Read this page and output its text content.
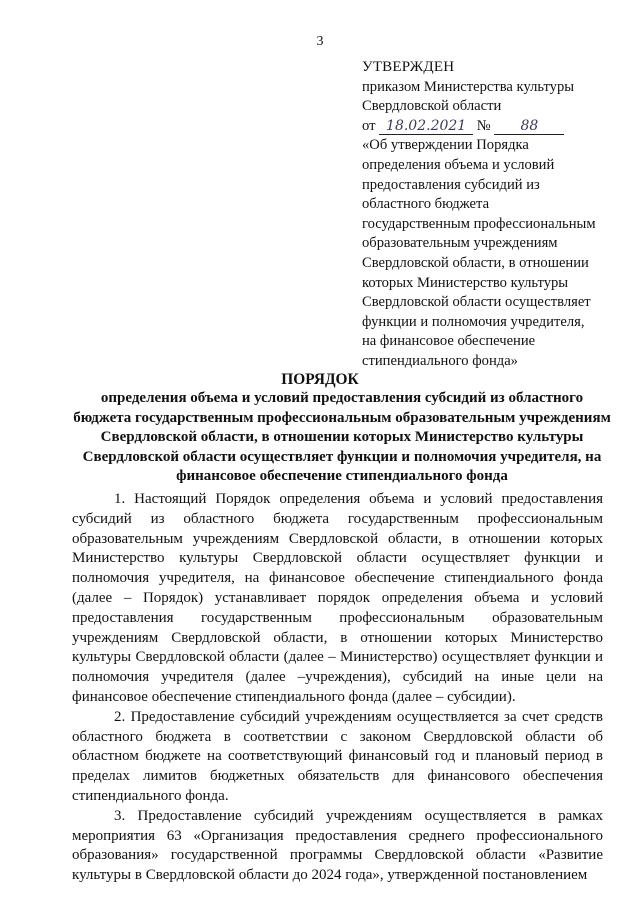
3
УТВЕРЖДЕН
приказом Министерства культуры
Свердловской области
от 18.02.2021 № 88
«Об утверждении Порядка
определения объема и условий
предоставления субсидий из
областного бюджета
государственным профессиональным
образовательным учреждениям
Свердловской области, в отношении
которых Министерство культуры
Свердловской области осуществляет
функции и полномочия учредителя,
на финансовое обеспечение
стипендиального фонда»
ПОРЯДОК
определения объема и условий предоставления субсидий из областного бюджета государственным профессиональным образовательным учреждениям Свердловской области, в отношении которых Министерство культуры Свердловской области осуществляет функции и полномочия учредителя, на финансовое обеспечение стипендиального фонда

1. Настоящий Порядок определения объема и условий предоставления субсидий из областного бюджета государственным профессиональным образовательным учреждениям Свердловской области, в отношении которых Министерство культуры Свердловской области осуществляет функции и полномочия учредителя, на финансовое обеспечение стипендиального фонда (далее – Порядок) устанавливает порядок определения объема и условий предоставления государственным профессиональным образовательным учреждениям Свердловской области, в отношении которых Министерство культуры Свердловской области (далее – Министерство) осуществляет функции и полномочия учредителя (далее –учреждения), субсидий на иные цели на финансовое обеспечение стипендиального фонда (далее – субсидии).

2. Предоставление субсидий учреждениям осуществляется за счет средств областного бюджета в соответствии с законом Свердловской области об областном бюджете на соответствующий финансовый год и плановый период в пределах лимитов бюджетных обязательств для финансового обеспечения стипендиального фонда.

3. Предоставление субсидий учреждениям осуществляется в рамках мероприятия 63 «Организация предоставления среднего профессионального образования» государственной программы Свердловской области «Развитие культуры в Свердловской области до 2024 года», утвержденной постановлением
